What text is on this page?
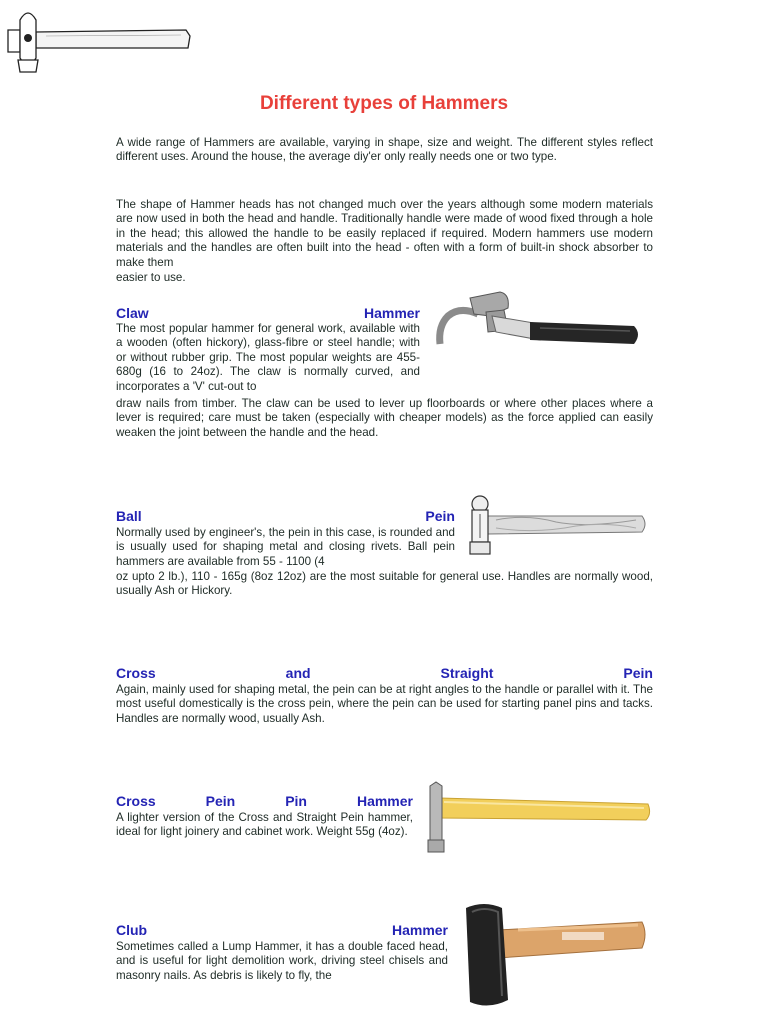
Different types of Hammers

A wide range of Hammers are available, varying in shape, size and weight. The different styles reflect different uses. Around the house, the average diy'er only really needs one or two type.

The shape of Hammer heads has not changed much over the years although some modern materials are now used in both the head and handle. Traditionally handle were made of wood fixed through a hole in the head; this allowed the handle to be easily replaced if required. Modern hammers use modern materials and the handles are often built into the head - often with a form of built-in shock absorber to make them

easier to use.

Claw	Hammer

The most popular hammer for general work, available with a wooden (often hickory), glass-fibre or steel handle; with or without rubber grip. The most popular weights are 455-680g (16 to 24oz). The claw is normally curved, and incorporates a 'V' cut-out to

draw nails from timber. The claw can be used to lever up floorboards or where other places where a lever is required; care must be taken (especially with cheaper models) as the force applied can easily weaken the joint between the handle and the head.

Ball	Pein

Normally used by engineer's, the pein in this case, is rounded and is usually used for shaping metal and closing rivets. Ball pein hammers are available from 55 - 1100 (4

oz upto 2 lb.), 110 - 165g (8oz 12oz) are the most suitable for general use. Handles are normally wood, usually Ash or Hickory.

Cross	and	Straight	Pein

Again, mainly used for shaping metal, the pein can be at right angles to the handle or parallel with it. The most useful domestically is the cross pein, where the pein can be used for starting panel pins and tacks. Handles are normally wood, usually Ash.

Cross	Pein	Pin	Hammer

A lighter version of the Cross and Straight Pein hammer, ideal for light joinery and cabinet work. Weight 55g (4oz).

Club	Hammer

Sometimes called a Lump Hammer, it has a double faced head, and is useful for light demolition work, driving steel chisels and masonry nails. As debris is likely to fly, the
